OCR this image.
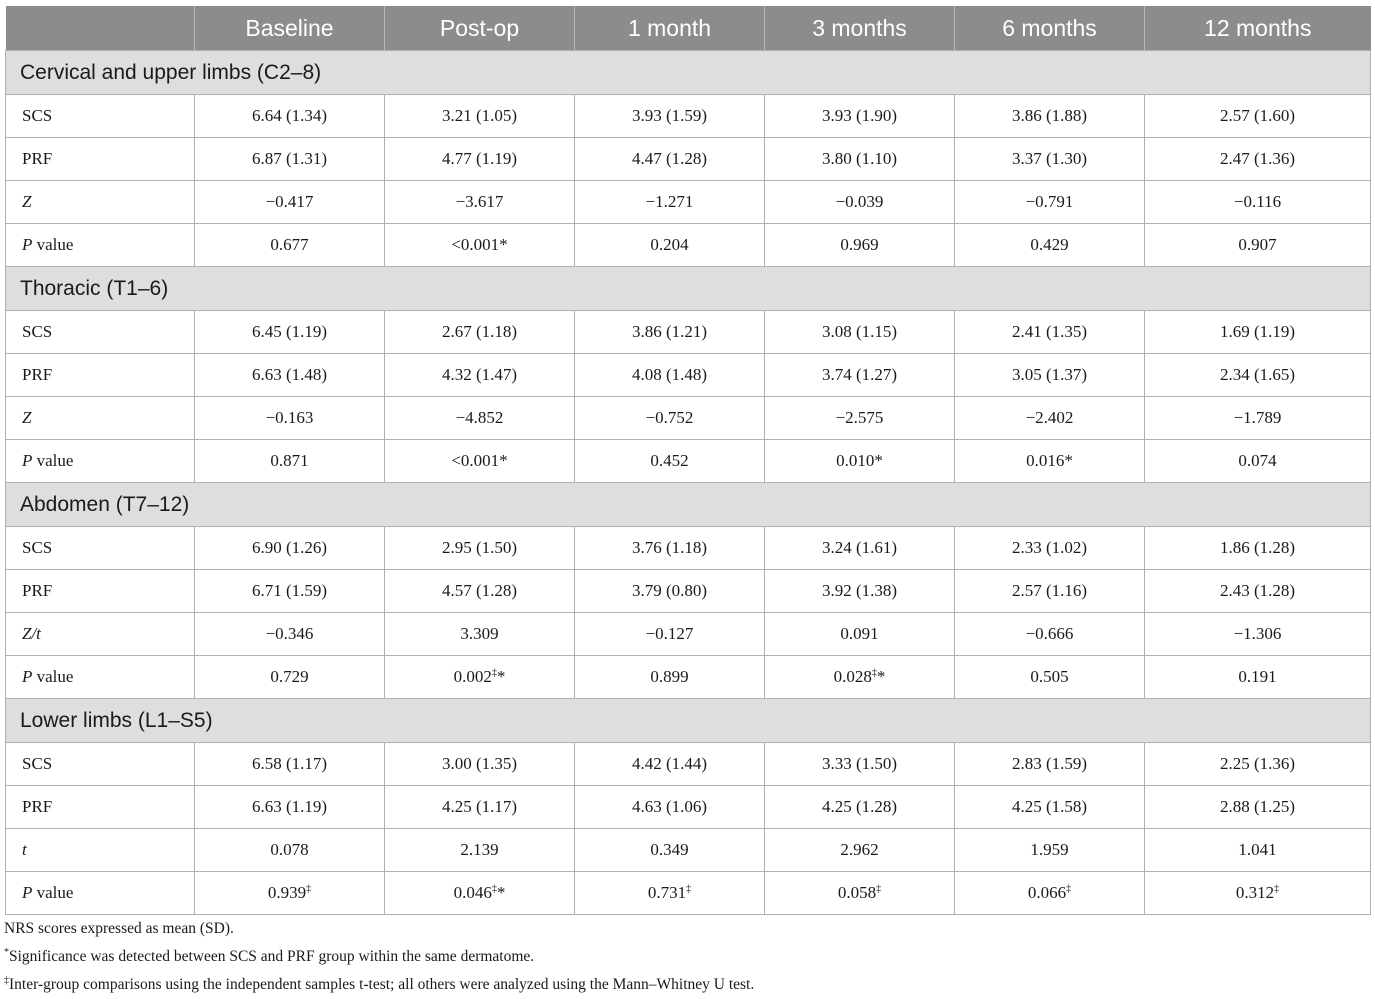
	Baseline	Post-op	1 month	3 months	6 months	12 months
Cervical and upper limbs (C2–8)						
SCS	6.64 (1.34)	3.21 (1.05)	3.93 (1.59)	3.93 (1.90)	3.86 (1.88)	2.57 (1.60)
PRF	6.87 (1.31)	4.77 (1.19)	4.47 (1.28)	3.80 (1.10)	3.37 (1.30)	2.47 (1.36)
Z	−0.417	−3.617	−1.271	−0.039	−0.791	−0.116
P value	0.677	<0.001*	0.204	0.969	0.429	0.907
Thoracic (T1–6)						
SCS	6.45 (1.19)	2.67 (1.18)	3.86 (1.21)	3.08 (1.15)	2.41 (1.35)	1.69 (1.19)
PRF	6.63 (1.48)	4.32 (1.47)	4.08 (1.48)	3.74 (1.27)	3.05 (1.37)	2.34 (1.65)
Z	−0.163	−4.852	−0.752	−2.575	−2.402	−1.789
P value	0.871	<0.001*	0.452	0.010*	0.016*	0.074
Abdomen (T7–12)						
SCS	6.90 (1.26)	2.95 (1.50)	3.76 (1.18)	3.24 (1.61)	2.33 (1.02)	1.86 (1.28)
PRF	6.71 (1.59)	4.57 (1.28)	3.79 (0.80)	3.92 (1.38)	2.57 (1.16)	2.43 (1.28)
Z/t	−0.346	3.309	−0.127	0.091	−0.666	−1.306
P value	0.729	0.002‡*	0.899	0.028‡*	0.505	0.191
Lower limbs (L1–S5)						
SCS	6.58 (1.17)	3.00 (1.35)	4.42 (1.44)	3.33 (1.50)	2.83 (1.59)	2.25 (1.36)
PRF	6.63 (1.19)	4.25 (1.17)	4.63 (1.06)	4.25 (1.28)	4.25 (1.58)	2.88 (1.25)
t	0.078	2.139	0.349	2.962	1.959	1.041
P value	0.939‡	0.046‡*	0.731‡	0.058‡	0.066‡	0.312‡

NRS scores expressed as mean (SD).

*Significance was detected between SCS and PRF group within the same dermatome.

‡Inter-group comparisons using the independent samples t-test; all others were analyzed using the Mann–Whitney U test.
